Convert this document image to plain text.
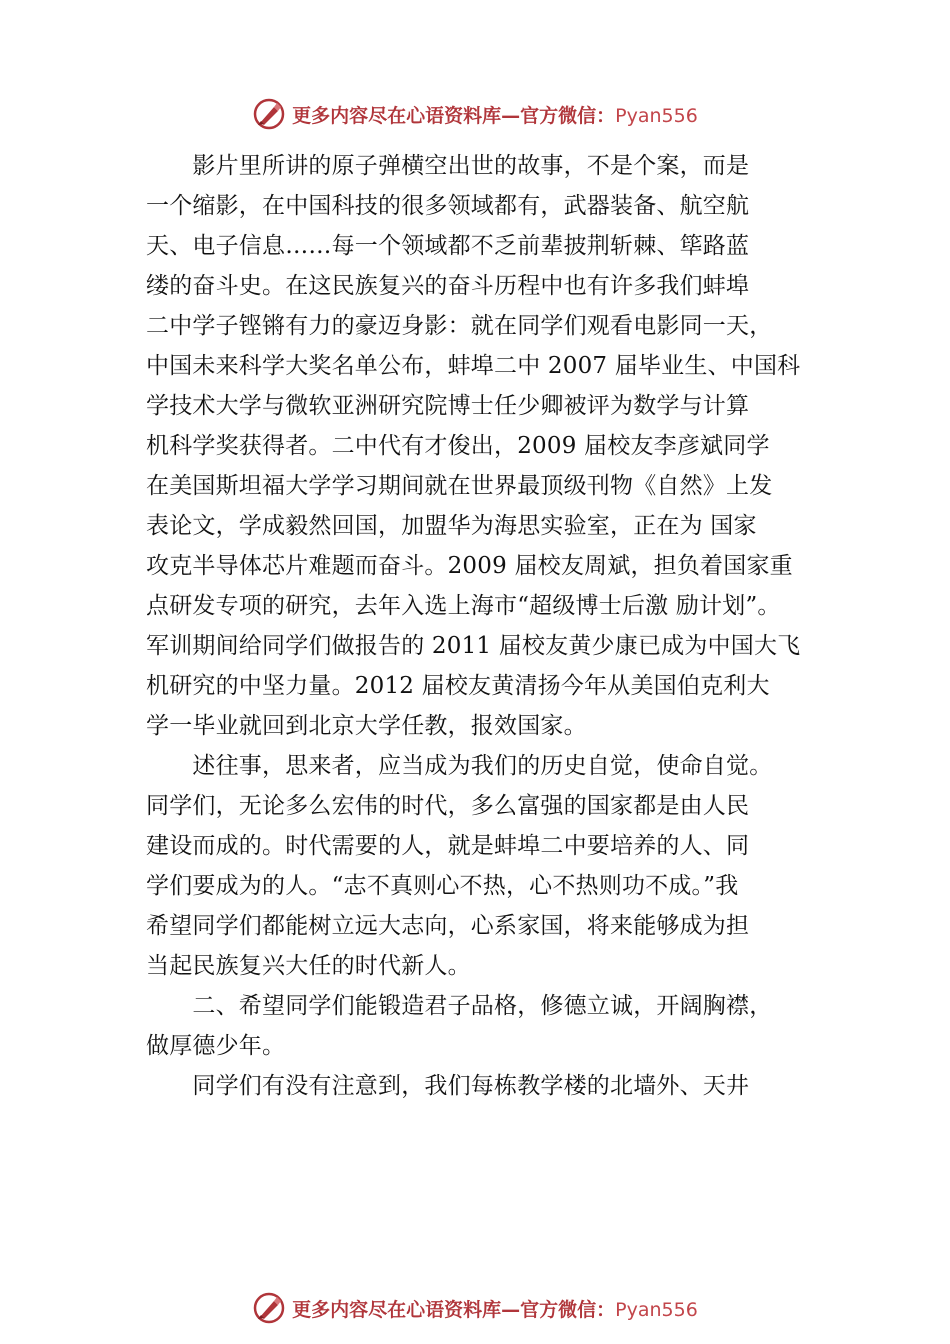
更多内容尽在心语资料库—官方微信：Pyan556
　　影片里所讲的原子弹横空出世的故事，不是个案，而是
一个缩影，在中国科技的很多领域都有，武器装备、航空航
天、电子信息……每一个领域都不乏前辈披荆斩棘、筚路蓝
缕的奋斗史。在这民族复兴的奋斗历程中也有许多我们蚌埠
二中学子铿锵有力的豪迈身影：就在同学们观看电影同一天，
中国未来科学大奖名单公布，蚌埠二中 2007 届毕业生、中国科
学技术大学与微软亚洲研究院博士任少卿被评为数学与计算
机科学奖获得者。二中代有才俊出，2009 届校友李彦斌同学
在美国斯坦福大学学习期间就在世界最顶级刊物《自然》上发
表论文，学成毅然回国，加盟华为海思实验室，正在为 国家
攻克半导体芯片难题而奋斗。2009 届校友周斌，担负着国家重
点研发专项的研究，去年入选上海市“超级博士后激 励计划”。
军训期间给同学们做报告的 2011 届校友黄少康已成为中国大飞
机研究的中坚力量。2012 届校友黄清扬今年从美国伯克利大
学一毕业就回到北京大学任教，报效国家。
　　述往事，思来者，应当成为我们的历史自觉，使命自觉。
同学们，无论多么宏伟的时代，多么富强的国家都是由人民
建设而成的。时代需要的人，就是蚌埠二中要培养的人、同
学们要成为的人。“志不真则心不热，心不热则功不成。”我
希望同学们都能树立远大志向，心系家国，将来能够成为担
当起民族复兴大任的时代新人。
　　二、希望同学们能锻造君子品格，修德立诚，开阔胸襟，
做厚德少年。
　　同学们有没有注意到，我们每栋教学楼的北墙外、天井
更多内容尽在心语资料库—官方微信：Pyan556
